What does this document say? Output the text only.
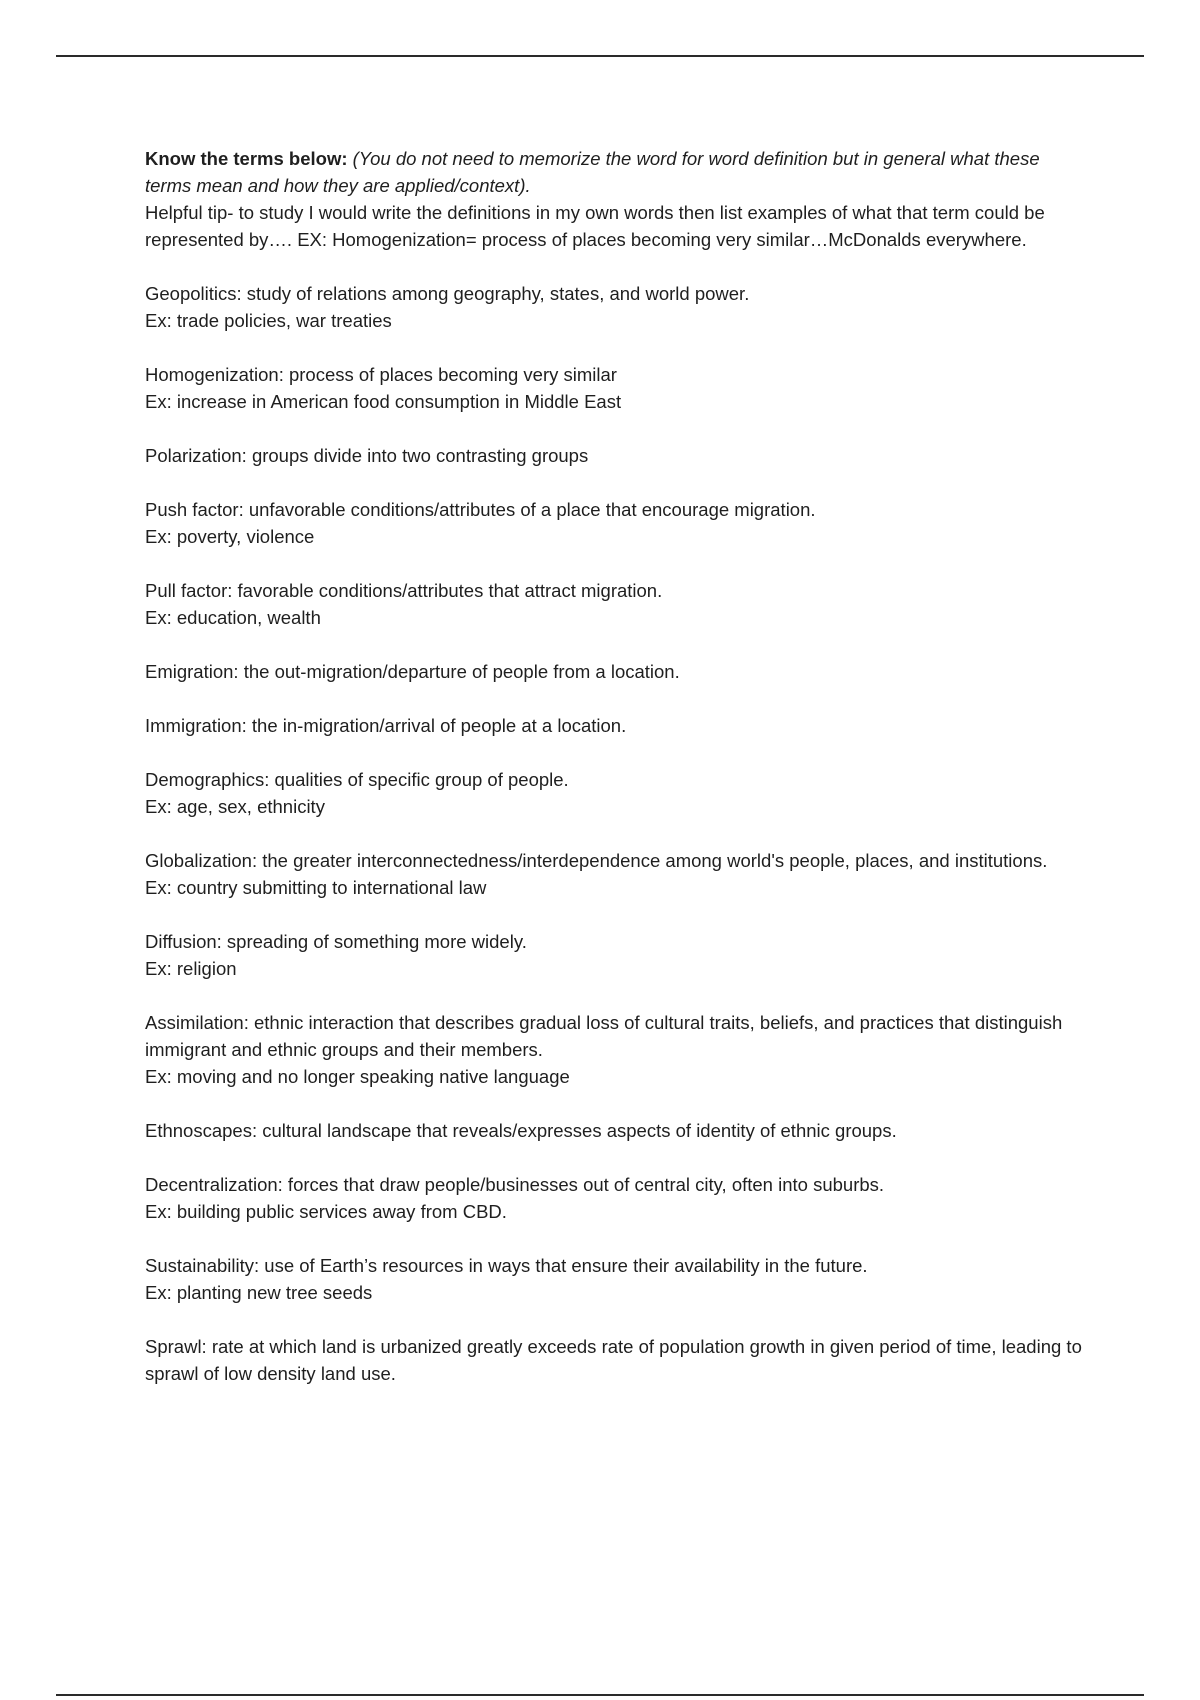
Know the terms below: (You do not need to memorize the word for word definition but in general what these terms mean and how they are applied/context).
Helpful tip- to study I would write the definitions in my own words then list examples of what that term could be represented by…. EX: Homogenization= process of places becoming very similar…McDonalds everywhere.

Geopolitics: study of relations among geography, states, and world power.

Ex: trade policies, war treaties

Homogenization: process of places becoming very similar

Ex: increase in American food consumption in Middle East

Polarization: groups divide into two contrasting groups

Push factor: unfavorable conditions/attributes of a place that encourage migration.

Ex: poverty, violence

Pull factor: favorable conditions/attributes that attract migration.

Ex: education, wealth

Emigration: the out-migration/departure of people from a location.

Immigration: the in-migration/arrival of people at a location.

Demographics: qualities of specific group of people.

Ex: age, sex, ethnicity

Globalization: the greater interconnectedness/interdependence among world's people, places, and institutions.

Ex: country submitting to international law

Diffusion: spreading of something more widely.

Ex: religion

Assimilation: ethnic interaction that describes gradual loss of cultural traits, beliefs, and practices that distinguish immigrant and ethnic groups and their members.

Ex: moving and no longer speaking native language

Ethnoscapes: cultural landscape that reveals/expresses aspects of identity of ethnic groups.

Decentralization: forces that draw people/businesses out of central city, often into suburbs.

Ex: building public services away from CBD.

Sustainability: use of Earth’s resources in ways that ensure their availability in the future.

Ex: planting new tree seeds

Sprawl: rate at which land is urbanized greatly exceeds rate of population growth in given period of time, leading to sprawl of low density land use.
